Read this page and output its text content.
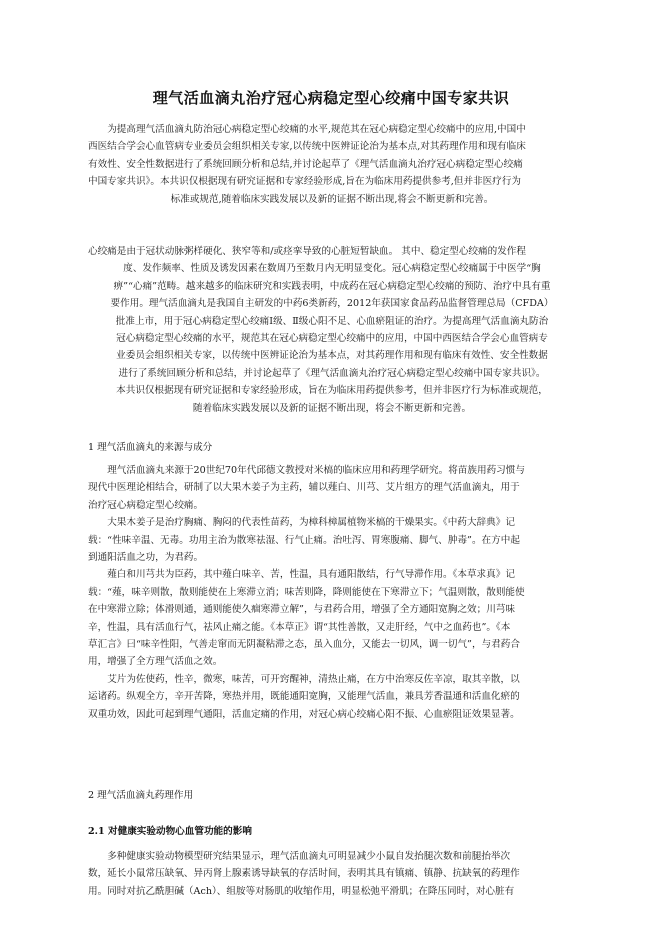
理气活血滴丸治疗冠心病稳定型心绞痛中国专家共识
为提高理气活血滴丸防治冠心病稳定型心绞痛的水平,规范其在冠心病稳定型心绞痛中的应用,中国中
西医结合学会心血管病专业委员会组织相关专家,以传统中医辨证论治为基本点,对其药理作用和现有临床
有效性、安全性数据进行了系统回顾分析和总结,并讨论起草了《理气活血滴丸治疗冠心病稳定型心绞痛
中国专家共识》。本共识仅根据现有研究证据和专家经验形成,旨在为临床用药提供参考,但并非医疗行为
标准或规范,随着临床实践发展以及新的证据不断出现,将会不断更新和完善。
心绞痛是由于冠状动脉粥样硬化、狭窄等和/或痉挛导致的心脏短暂缺血。 其中、稳定型心绞痛的发作程
度、发作频率、性质及诱发因素在数周乃至数月内无明显变化。冠心病稳定型心绞痛属于中医学“胸
痹”“心痛”范畴。越来越多的临床研究和实践表明，中成药在冠心病稳定型心绞痛的预防、治疗中具有重
要作用。理气活血滴丸是我国自主研发的中药6类新药，2012年获国家食品药品监督管理总局（CFDA）
批准上市，用于冠心病稳定型心绞痛Ⅰ级、Ⅱ级心阳不足、心血瘀阻证的治疗。为提高理气活血滴丸防治
冠心病稳定型心绞痛的水平，规范其在冠心病稳定型心绞痛中的应用，中国中西医结合学会心血管病专
业委员会组织相关专家，以传统中医辨证论治为基本点，对其药理作用和现有临床有效性、安全性数据
进行了系统回顾分析和总结，并讨论起草了《理气活血滴丸治疗冠心病稳定型心绞痛中国专家共识》。
本共识仅根据现有研究证据和专家经验形成，旨在为临床用药提供参考，但并非医疗行为标准或规范，
随着临床实践发展以及新的证据不断出现，将会不断更新和完善。
1 理气活血滴丸的来源与成分
理气活血滴丸来源于20世纪70年代邱德文教授对米槁的临床应用和药理学研究。将苗族用药习惯与
现代中医理论相结合，研制了以大果木姜子为主药，辅以薤白、川芎、艾片组方的理气活血滴丸，用于
治疗冠心病稳定型心绞痛。
大果木姜子是治疗胸痛、胸闷的代表性苗药，为樟科樟属植物米槁的干燥果实。《中药大辞典》记
载：“性味辛温、无毒。功用主治为散寒祛湿、行气止痛。治吐泻、胃寒腹痛、脚气、肿毒”。在方中起
到通阳活血之功，为君药。
薤白和川芎共为臣药，其中薤白味辛、苦，性温，具有通阳散结，行气导滞作用。《本草求真》记
载：“薤，味辛则散，散则能使在上寒滞立消；味苦则降，降则能使在下寒滞立下；气温则散，散则能使
在中寒滞立除；体滑则通，通则能使久痼寒滞立解”，与君药合用，增强了全方通阳宽胸之效；川芎味
辛，性温，具有活血行气，祛风止痛之能。《本草正》谓“其性善散，又走肝经，气中之血药也”。《本
草汇言》曰“味辛性阳，气善走窜而无阴凝粘滞之态，虽入血分，又能去一切风，调一切气”，与君药合
用，增强了全方理气活血之效。
艾片为佐使药，性辛，微寒，味苦，可开窍醒神，清热止痛，在方中治寒反佐辛凉，取其辛散，以
运诸药。纵观全方，辛开苦降，寒热并用，既能通阳宽胸，又能理气活血，兼具芳香温通和活血化瘀的
双重功效，因此可起到理气通阳，活血定痛的作用，对冠心病心绞痛心阳不振、心血瘀阻证效果显著。
2 理气活血滴丸药理作用
2.1 对健康实验动物心血管功能的影响
多种健康实验动物模型研究结果显示，理气活血滴丸可明显减少小鼠自发抬腿次数和前腿抬举次
数，延长小鼠常压缺氧、异丙肾上腺素诱导缺氧的存活时间，表明其具有镇痛、镇静、抗缺氧的药理作
用。同时对抗乙酰胆碱（Ach）、组胺等对肠肌的收缩作用，明显松弛平滑肌；在降压同时，对心脏有
